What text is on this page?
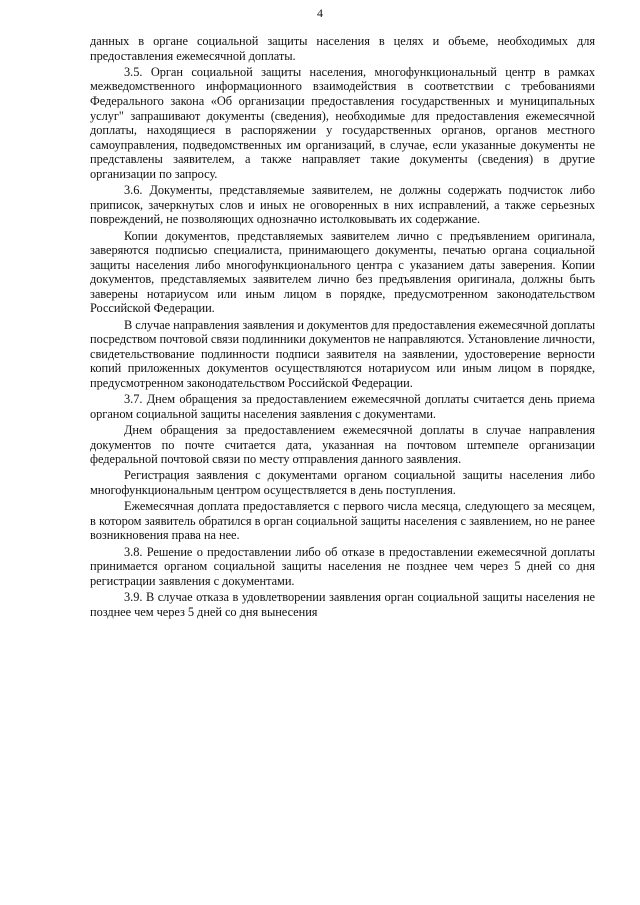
4

данных в органе социальной защиты населения в целях и объеме, необходимых для предоставления ежемесячной доплаты.

3.5. Орган социальной защиты населения, многофункциональный центр в рамках межведомственного информационного взаимодействия в соответствии с требованиями Федерального закона «Об организации предоставления государственных и муниципальных услуг" запрашивают документы (сведения), необходимые для предоставления ежемесячной доплаты, находящиеся в распоряжении у государственных органов, органов местного самоуправления, подведомственных им организаций, в случае, если указанные документы не представлены заявителем, а также направляет такие документы (сведения) в другие организации по запросу.

3.6. Документы, представляемые заявителем, не должны содержать подчисток либо приписок, зачеркнутых слов и иных не оговоренных в них исправлений, а также серьезных повреждений, не позволяющих однозначно истолковывать их содержание.

Копии документов, представляемых заявителем лично с предъявлением оригинала, заверяются подписью специалиста, принимающего документы, печатью органа социальной защиты населения либо многофункционального центра с указанием даты заверения. Копии документов, представляемых заявителем лично без предъявления оригинала, должны быть заверены нотариусом или иным лицом в порядке, предусмотренном законодательством Российской Федерации.

В случае направления заявления и документов для предоставления ежемесячной доплаты посредством почтовой связи подлинники документов не направляются. Установление личности, свидетельствование подлинности подписи заявителя на заявлении, удостоверение верности копий приложенных документов осуществляются нотариусом или иным лицом в порядке, предусмотренном законодательством Российской Федерации.

3.7. Днем обращения за предоставлением ежемесячной доплаты считается день приема органом социальной защиты населения заявления с документами.

Днем обращения за предоставлением ежемесячной доплаты в случае направления документов по почте считается дата, указанная на почтовом штемпеле организации федеральной почтовой связи по месту отправления данного заявления.

Регистрация заявления с документами органом социальной защиты населения либо многофункциональным центром осуществляется в день поступления.

Ежемесячная доплата предоставляется с первого числа месяца, следующего за месяцем, в котором заявитель обратился в орган социальной защиты населения с заявлением, но не ранее возникновения права на нее.

3.8. Решение о предоставлении либо об отказе в предоставлении ежемесячной доплаты принимается органом социальной защиты населения не позднее чем через 5 дней со дня регистрации заявления с документами.

3.9. В случае отказа в удовлетворении заявления орган социальной защиты населения не позднее чем через 5 дней со дня вынесения
